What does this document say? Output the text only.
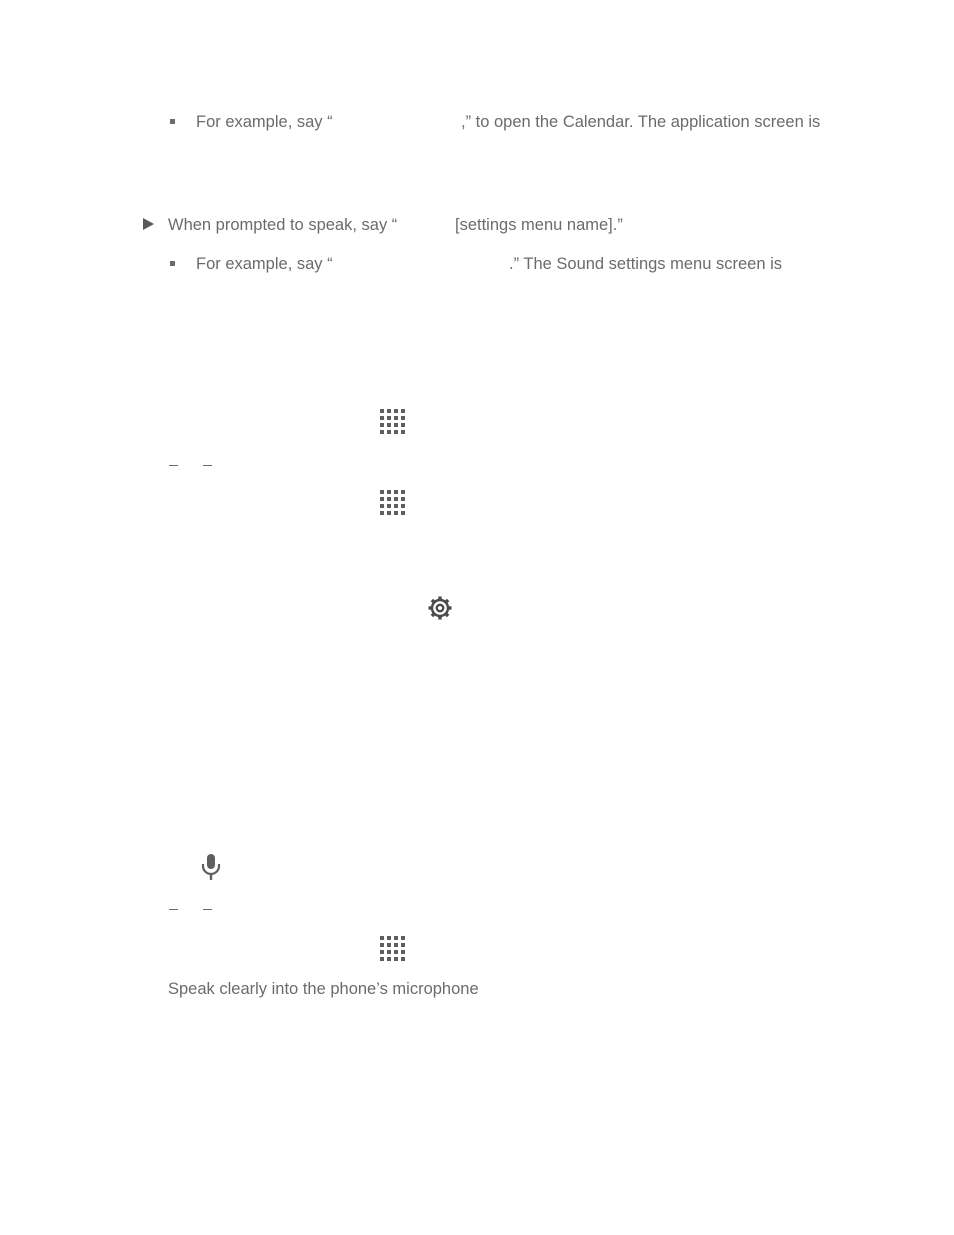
For example, say “	,” to open the Calendar. The application screen is
When prompted to speak, say “	[settings menu name].”
For example, say “	.” The Sound settings menu screen is
Speak clearly into the phone’s microphone
